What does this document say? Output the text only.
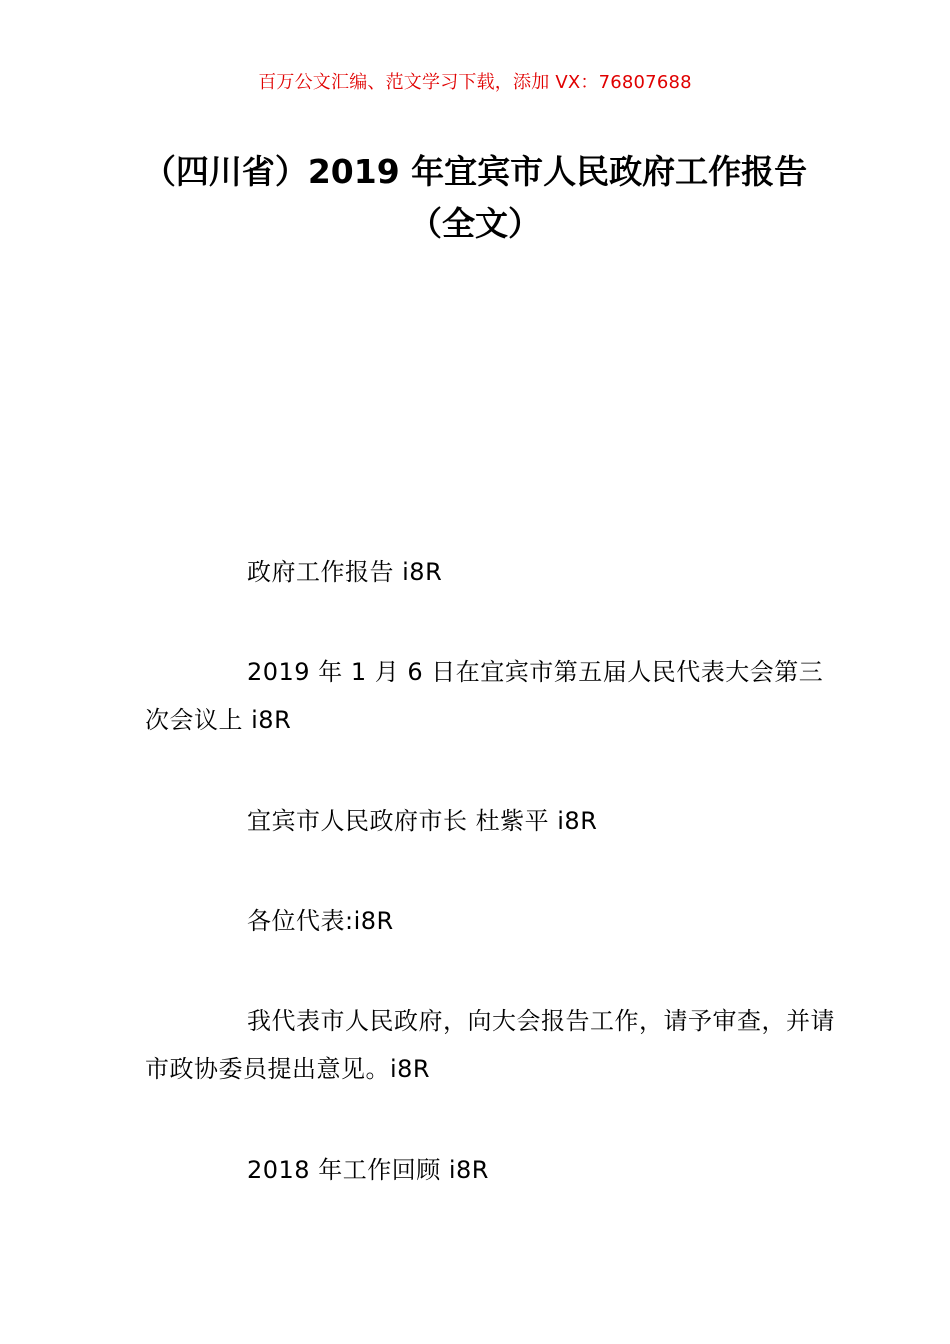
百万公文汇编、范文学习下载，添加 VX：76807688
（四川省）2019 年宜宾市人民政府工作报告（全文）
政府工作报告 i8R
2019 年 1 月 6 日在宜宾市第五届人民代表大会第三次会议上 i8R
宜宾市人民政府市长 杜紫平 i8R
各位代表:i8R
我代表市人民政府，向大会报告工作，请予审查，并请市政协委员提出意见。i8R
2018 年工作回顾 i8R
